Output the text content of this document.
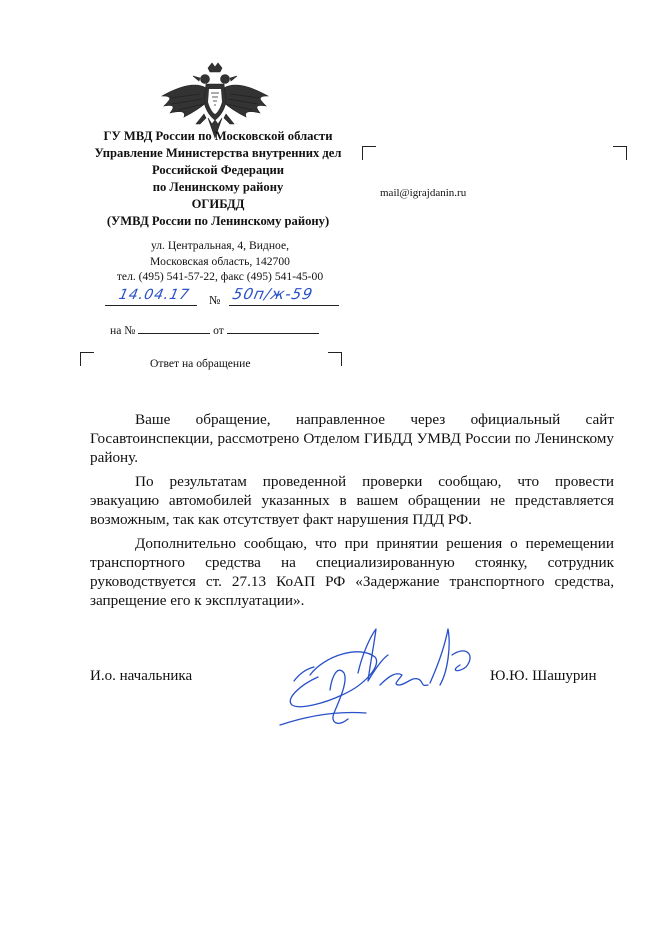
ГУ МВД России по Московской области
Управление Министерства внутренних дел
Российской Федерации
по Ленинскому району
ОГИБДД
(УМВД России по Ленинскому району)
ул. Центральная, 4, Видное,
Московская область, 142700
тел. (495) 541-57-22, факс (495) 541-45-00
14.04.17 № 50п/ж-59
на №	от
Ответ на обращение
mail@igrajdanin.ru

Ваше обращение, направленное через официальный сайт Госавтоинспекции, рассмотрено Отделом ГИБДД УМВД России по Ленинскому району.

По результатам проведенной проверки сообщаю, что провести эвакуацию автомобилей указанных в вашем обращении не представляется возможным, так как отсутствует факт нарушения ПДД РФ.

Дополнительно сообщаю, что при принятии решения о перемещении транспортного средства на специализированную стоянку, сотрудник руководствуется ст. 27.13 КоАП РФ «Задержание транспортного средства, запрещение его к эксплуатации».

И.о. начальника	Ю.Ю. Шашурин
